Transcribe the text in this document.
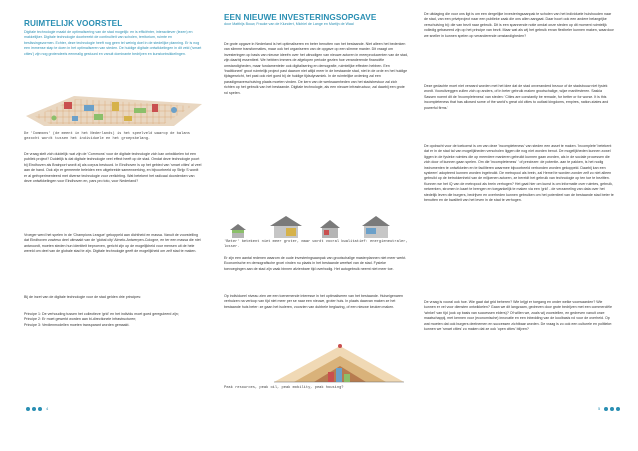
RUIMTELIJK VOORSTEL

Digitale technologie maakt de optimalisering van de stad mogelijk: en is efficiënter, interactiever (lezen) en makkelijker. Digitale technologie doorbreekt de continuïteit van scholen, territorium, ruimte en beslissingsvormen. Echter, deze technologie heeft nog geen tel weinig doel in de stedelijke planning. Er is nog een immense stap te doen in het optimaliseren van steden. De huidige digitale ontwikkelingen in dit veld ('smart cities') zijn nog grotendeels eenmalig gestuurd en vanuit dominante bedrijven en kunstontwikkelingen.

De 'Commons' (de meent in het Nederlands) is het speelveld waarop de balans gezocht wordt tussen het individuele en het groepsbelang.

De vraag stelt zich duidelijk: wat zijn de 'Commons' voor de digitale technologie zich kan ontwikkelen tot een publiek project? Duidelijk is dat digitale technologie veel effect heeft op de stad. Omdat deze technologie poort bij Eindhoven als Brainport wordt zij als corpus bestuurd. In Eindhoven is op het gebied van 'smart cities' al veel aan de hand. Ook zijn er gemeente beleiden een uitgebreide samenwerking, en bijvoorbeeld op Strijp S wordt er al geëxperimenteerd met diverse technologie voor verlichting. Wat betekent het radicaal doordenken van deze ontwikkelingen voor Eindhoven en, pars pro toto, voor Nederland?

Vroeger werd het spelen in de 'Champions League' gekoppeld aan dichtheid en massa. Vanuit de voorstelling dat Eindhoven zowieso deel uitmaakt van de 'global city' Almelo-Antwerpen-Cologne, en ter een massa die niet antwoordt, moeten steden hun identiteit beproeven, gericht zijn op de mogelijkheid voor mensen uit de hele wereld om deel van de globale stad te zijn. Digitale technologie geeft de mogelijkheid om zelf stad te maken.

Bij de inzet van de digitale technologie voor de stad gelden drie principes:

Principe 1: De verhouding tussen het collectieve 'grid' en het individu moet goed gereguleerd zijn;

Principe 2: Er moet gewerkt worden aan bi-directionele infrastructuren;

Principe 3: Verdienmodellen moeten transparant worden gemaakt.

4
EEN NIEUWE INVESTERINGSOPGAVE

door Matthijs Bouw, Frauke van de Klundert, Michiel de Lange en Martijn de Waal

De grote opgave in Nederland is het optimaliseren en beter benutten van het bestaande. Niet alleen het bedenken van slimme transformaties, maar ook het organiseren van de opgave op een slimme manier. Dit vraagt om investeringen op basis van nieuwe ideeën over het uitnodigen van nieuwe actoren in meerproducenten van de stad, zijn daarbij essentieel. We hebben immers de afgelopen periode gezien hoe veranderende financiële omstandigheden, maar fundamenteler ook digitalisering en demografie, ruimtelijke effecten hebben. Een 'traditioneel' groot ruimtelijk project past daarom niet altijd meer in de bestaande stad, niet in de orde en het huidige tijdsgewricht, het past ook niet goed bij de huidige tijdsdynamiek. In de ruimtelijke ordening zal een paradigmaverschuiving plaats moeten vinden. De kern van de werksaamheden van het stadsbestuur zal zich richten op het gebruik van het bestaande. Digitale technologie, als een nieuwe infrastructuur, zal daarbij een grote rol spelen.

'Beter' betekent niet meer groter, maar wordt vooral kwalitatief: energieneutraler, losser.

Er zijn een aantal redenen waarom de oude investeringsaanpak van grootschalige masterplannen niet meer werkt. Economische en demografische groei vinden nu plaats in het bestaande weefsel van de stad. Fysieke toevoegingen aan de stad zijn vaak binnen afzienbare tijd overbodig. Het autogebruik neemt niet meer toe.

Op individueel niveau zien we een toenemende interesse in het optimaliseren van het bestaande. Huiseigenaren verhuizen na verloop van tijd niet meer per se naar een nieuwe, groter huis. In plaats daarvan maken ze het bestaande huis beter: ze gaan het isoleren, voorzien van dubbele beglazing, of een nieuwe keuken maken.

Peak resources, peak oil, peak mobility, peak housing?

De uitdaging die voor ons ligt is om een dergelijke investeringsaanpak te scholen van het individuele huishouden naar de stad, van een privéproject naar een publieke zaak die ons allen aangaat. Daar hoort ook een andere belangrijke verschuiving bij: die van bezit naar gebruik. Dit is een spannende notie omdat onze steden op dit moment ruimtelijk volledig gebaseerd zijn op het principe van bezit. Maar wat als wij het gebruik ervan flexibeler kunnen maken, waardoor we sneller in kunnen spelen op veranderende omstandigheden?

Deze gedachte moet niet verward worden met het idee dat de stad onveranderd bezuur of de stadsbouw niet fysiek wordt. Vooruitzeggen zullen zich op anders, of in beter gebruik maken grootschalige, wijze manifesteren. Saskia Sassen noemt dit de 'incompleteness' van steden: 'Cities are constantly be remade, for better or for worse. It is this incompleteness that has allowed some of the world's great old cities to outlast kingdoms, empires, nation-states and powerful firms.'

De opdracht voor de toekomst is om van deze 'incompleteness' van steden een asset te maken. 'Incomplete' betekent dat er in de stad tal van mogelijkheden verscholen liggen die nog niet worden benut. De mogelijkheden kunnen zowel liggen in de fysieke ruimtes die op meerdere manieren gebruikt kunnen gaan worden, als in de sociale processen die zich door of kunnen gaan spelen. Om die 'incompleteness' ' of preciezer: de potentie- aan te pakken, is het nodig instrumenten te ontwikkelen en te faciliteren waarmee bijvoorbeeld verbonden worden gekoppeld. Daarbij kan een systeem' adopteerd kunnen worden ingebruikt. De metropool als brein, zal Hemel te worden zonder zelf zo niet alleen gebruikt op de betrokkenheid van de miljoenen actoren, ze bereidt het gebruik van technologie op ten toe te bezitten. Kunnen we het iQ van de metropool als brein verhogen? Het gaat hier om kunst is om informatie over ruimtes, gebruik, netwerken, stromen in kaart te brengen en toegankelijk te maken via een 'grid' - de verzameling van data over het stedelijk leven die burgers, bedrijven en overheden kunnen gebruiken om het potentieel van de bestaande stad beter te benutten en de kwaliteit van het leven in de stad te verhogen.

De vraag is vooral ook hoe. Wie gaat dat grid beheren? Wie krijgt er toegang en onder welke voorwaarden? Wie kunnen er vel voor diensten ontwikkelen? Gaan we dit langzaam, gedreven door grote bedrijven met een commerciële 'winkel' van tijd (ook op basis van successen elders)? Of willen we, zoals wij voorstellen, en gedreven vanuit onze maatschappij, met kennen voor (economische) innovatie en een inbedding van de koolbasis rol voor de overheid. Op wat moeten dat ook burgers deelnemen en successen zichtbaar worden. De vraag is zo ook een culturele en politieke: kunnen we 'smart cities' zo maken dat ze ook 'open cities' blijven?

5
